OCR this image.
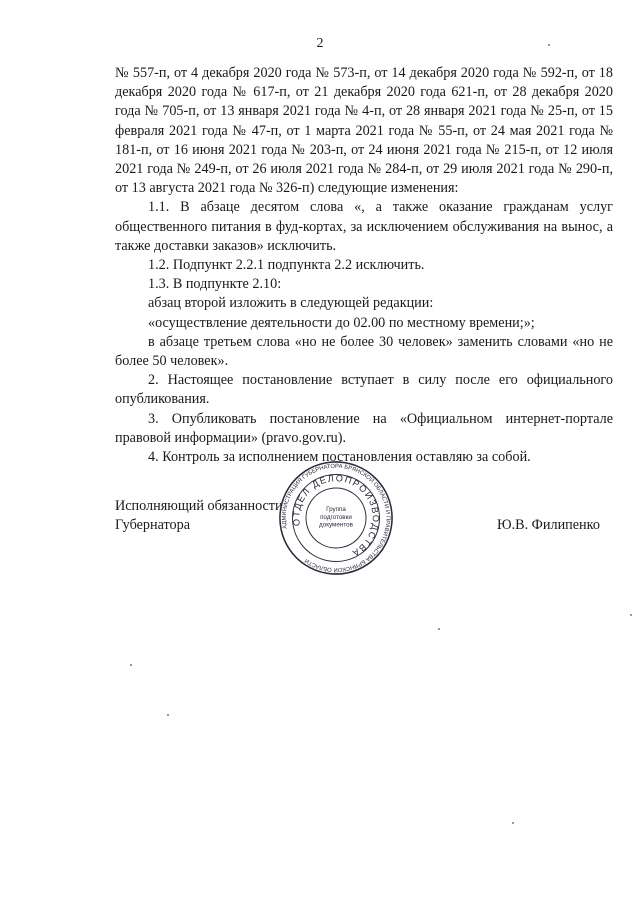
2

№ 557-п, от 4 декабря 2020 года № 573-п, от 14 декабря 2020 года № 592-п, от 18 декабря 2020 года № 617-п, от 21 декабря 2020 года 621-п, от 28 декабря 2020 года № 705-п, от 13 января 2021 года № 4-п, от 28 января 2021 года № 25-п, от 15 февраля 2021 года № 47-п, от 1 марта 2021 года № 55-п, от 24 мая 2021 года № 181-п, от 16 июня 2021 года № 203-п, от 24 июня 2021 года № 215-п, от 12 июля 2021 года № 249-п, от 26 июля 2021 года № 284-п, от 29 июля 2021 года № 290-п, от 13 августа 2021 года № 326-п) следующие изменения:

1.1. В абзаце десятом слова «, а также оказание гражданам услуг общественного питания в фуд-кортах, за исключением обслуживания на вынос, а также доставки заказов» исключить.

1.2. Подпункт 2.2.1 подпункта 2.2 исключить.

1.3. В подпункте 2.10:

абзац второй изложить в следующей редакции:

«осуществление деятельности до 02.00 по местному времени;»;

в абзаце третьем слова «но не более 30 человек» заменить словами «но не более 50 человек».

2. Настоящее постановление вступает в силу после его официального опубликования.

3. Опубликовать постановление на «Официальном интернет-портале правовой информации» (pravo.gov.ru).

4. Контроль за исполнением постановления оставляю за собой.

Исполняющий обязанности
Губернатора	Ю.В. Филипенко
АДМИНИСТРАЦИЯ ГУБЕРНАТОРА БРЯНСКОЙ ОБЛАСТИ И ПРАВИТЕЛЬСТВА БРЯНСКОЙ ОБЛАСТИ
ОТДЕЛ ДЕЛОПРОИЗВОДСТВА
Группа
подготовки
документов
